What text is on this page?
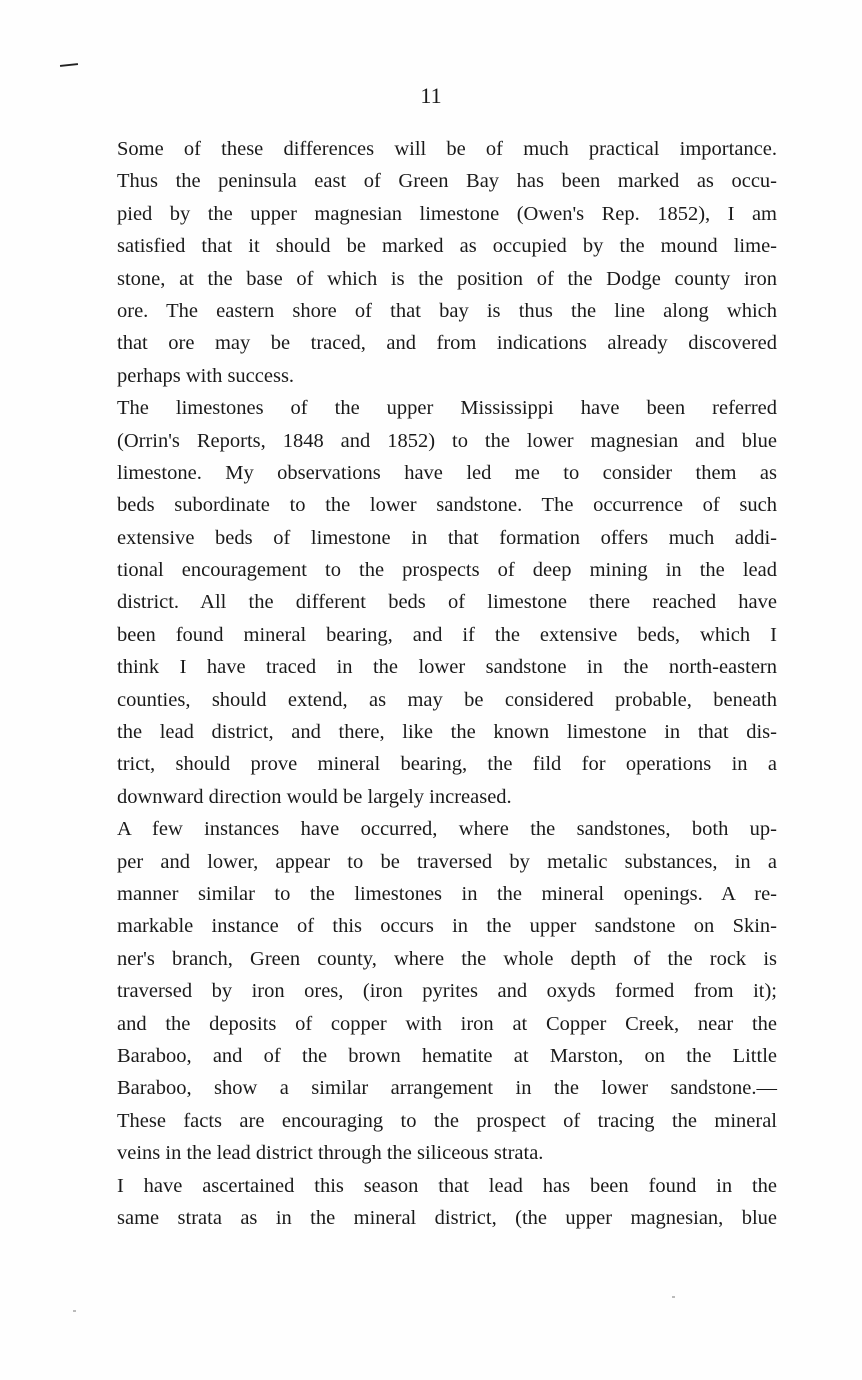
11
Some of these differences will be of much practical importance.
Thus the peninsula east of Green Bay has been marked as occu-
pied by the upper magnesian limestone (Owen's Rep. 1852), I am
satisfied that it should be marked as occupied by the mound lime-
stone, at the base of which is the position of the Dodge county iron
ore. The eastern shore of that bay is thus the line along which
that ore may be traced, and from indications already discovered
perhaps with success.
The limestones of the upper Mississippi have been referred
(Orrin's Reports, 1848 and 1852) to the lower magnesian and blue
limestone. My observations have led me to consider them as
beds subordinate to the lower sandstone. The occurrence of such
extensive beds of limestone in that formation offers much addi-
tional encouragement to the prospects of deep mining in the lead
district. All the different beds of limestone there reached have
been found mineral bearing, and if the extensive beds, which I
think I have traced in the lower sandstone in the north-eastern
counties, should extend, as may be considered probable, beneath
the lead district, and there, like the known limestone in that dis-
trict, should prove mineral bearing, the fild for operations in a
downward direction would be largely increased.
A few instances have occurred, where the sandstones, both up-
per and lower, appear to be traversed by metalic substances, in a
manner similar to the limestones in the mineral openings. A re-
markable instance of this occurs in the upper sandstone on Skin-
ner's branch, Green county, where the whole depth of the rock is
traversed by iron ores, (iron pyrites and oxyds formed from it);
and the deposits of copper with iron at Copper Creek, near the
Baraboo, and of the brown hematite at Marston, on the Little
Baraboo, show a similar arrangement in the lower sandstone.—
These facts are encouraging to the prospect of tracing the mineral
veins in the lead district through the siliceous strata.
I have ascertained this season that lead has been found in the
same strata as in the mineral district, (the upper magnesian, blue
